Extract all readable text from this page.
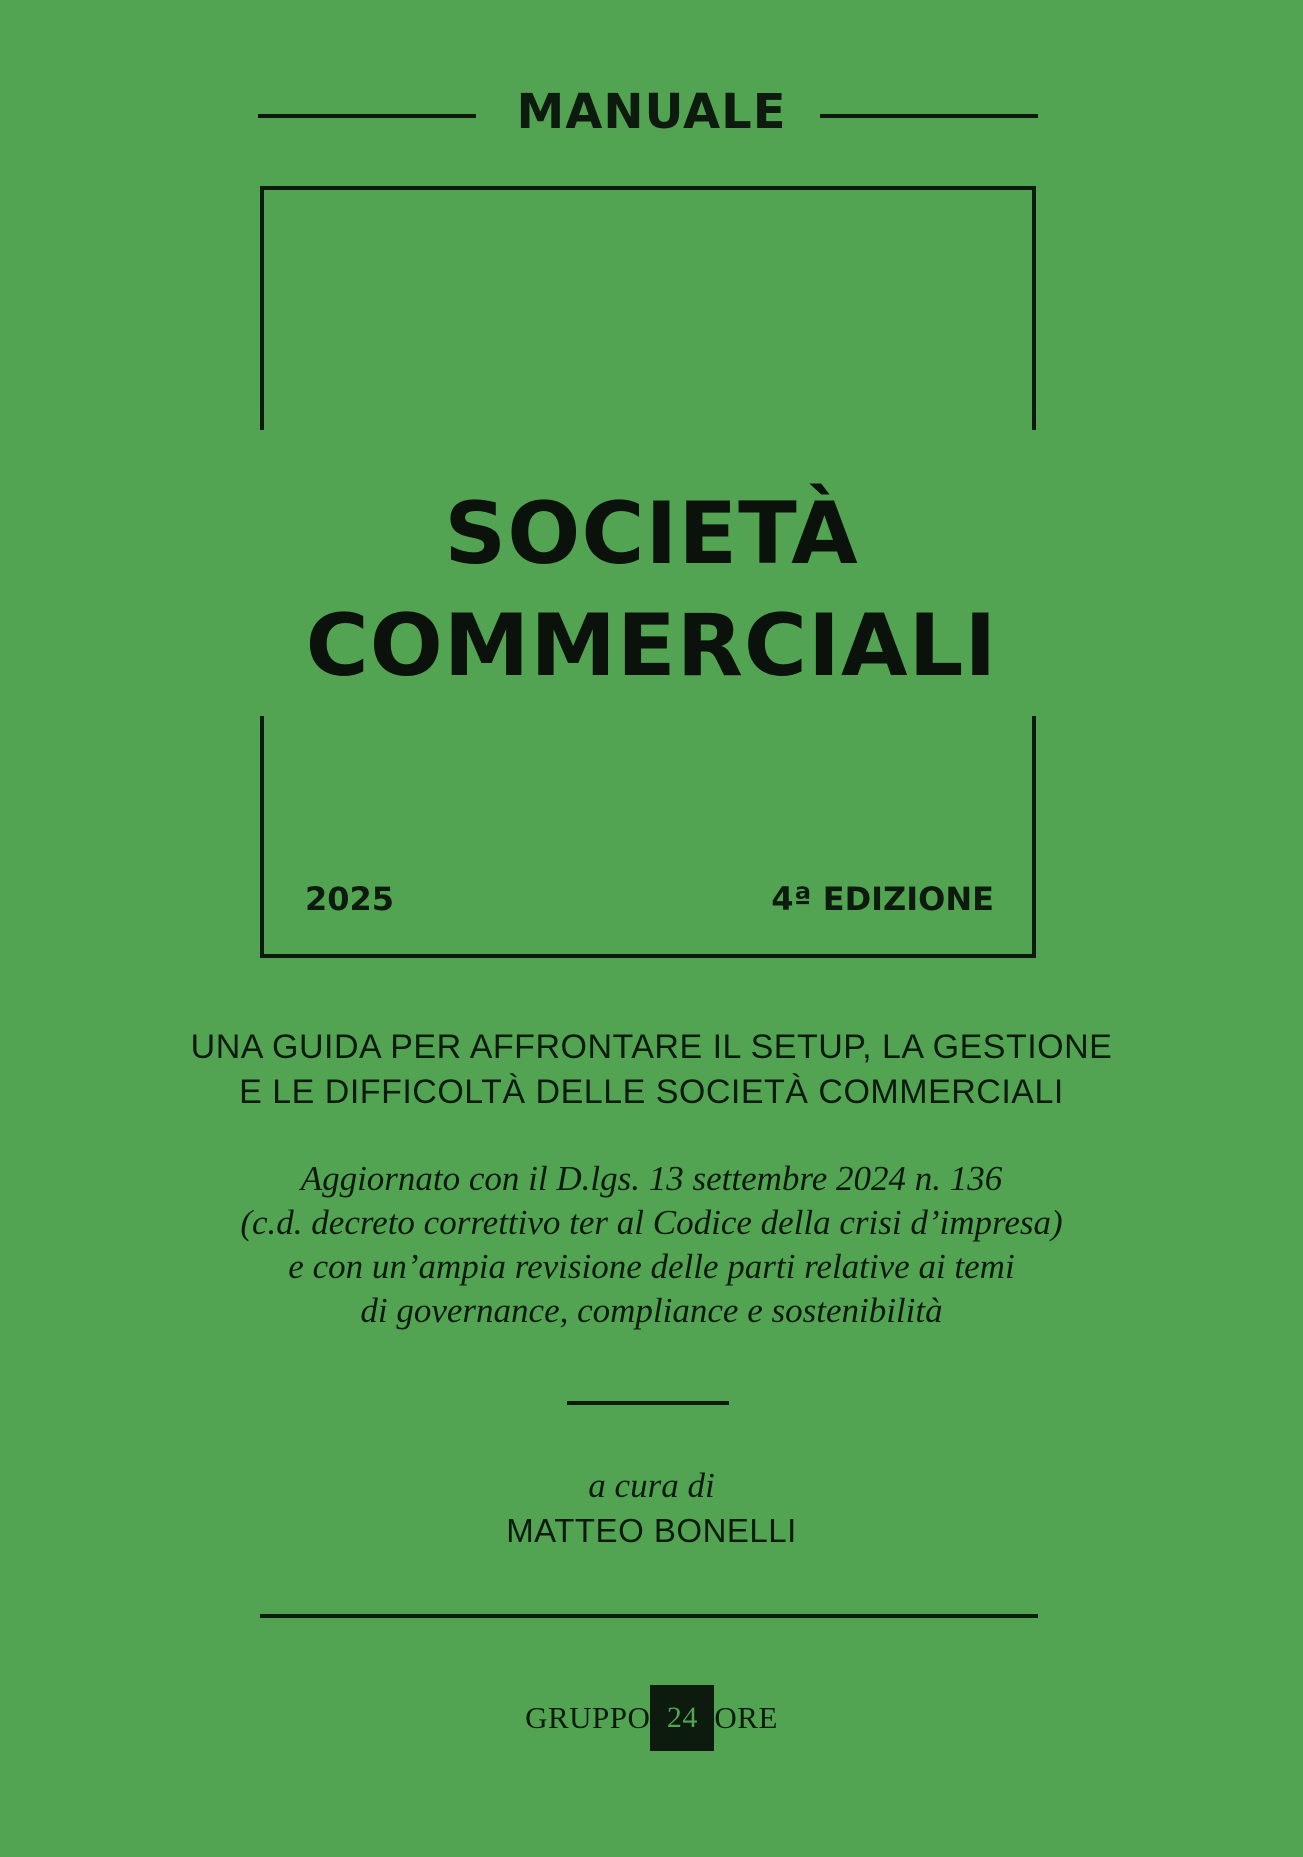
MANUALE
SOCIETÀ
COMMERCIALI
2025	4ª EDIZIONE
UNA GUIDA PER AFFRONTARE IL SETUP, LA GESTIONE
E LE DIFFICOLTÀ DELLE SOCIETÀ COMMERCIALI
Aggiornato con il D.lgs. 13 settembre 2024 n. 136
(c.d. decreto correttivo ter al Codice della crisi d’impresa)
e con un’ampia revisione delle parti relative ai temi
di governance, compliance e sostenibilità
a cura di
MATTEO BONELLI
GRUPPO 24 ORE
